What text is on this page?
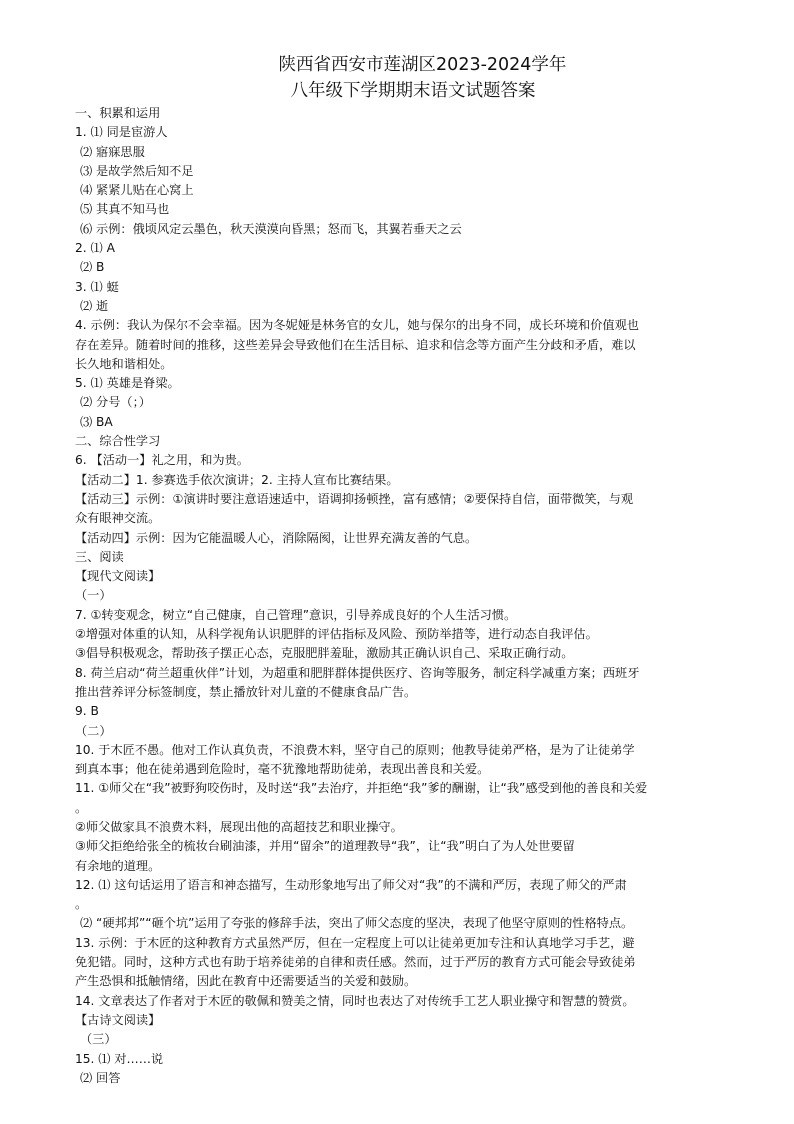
陕西省西安市莲湖区2023-2024学年
八年级下学期期末语文试题答案
一、积累和运用
1. ⑴ 同是宦游人
⑵ 寤寐思服
⑶ 是故学然后知不足
⑷ 紧紧儿贴在心窝上
⑸ 其真不知马也
⑹ 示例：俄顷风定云墨色，秋天漠漠向昏黑；怒而飞，其翼若垂天之云
2. ⑴ A
⑵ B
3. ⑴ 蜓
⑵ 逝
4. 示例：我认为保尔不会幸福。因为冬妮娅是林务官的女儿，她与保尔的出身不同，成长环境和价值观也
存在差异。随着时间的推移，这些差异会导致他们在生活目标、追求和信念等方面产生分歧和矛盾，难以
长久地和谐相处。
5. ⑴ 英雄是脊梁。
⑵ 分号（；）
⑶ BA
二、综合性学习
6. 【活动一】礼之用，和为贵。
【活动二】1. 参赛选手依次演讲；2. 主持人宣布比赛结果。
【活动三】示例：①演讲时要注意语速适中，语调抑扬顿挫，富有感情；②要保持自信，面带微笑，与观
众有眼神交流。
【活动四】示例：因为它能温暖人心，消除隔阂，让世界充满友善的气息。
三、阅读
【现代文阅读】
（一）
7. ①转变观念，树立“自己健康，自己管理”意识，引导养成良好的个人生活习惯。
②增强对体重的认知，从科学视角认识肥胖的评估指标及风险、预防举措等，进行动态自我评估。
③倡导积极观念，帮助孩子摆正心态，克服肥胖羞耻，激励其正确认识自己、采取正确行动。
8. 荷兰启动“荷兰超重伙伴”计划，为超重和肥胖群体提供医疗、咨询等服务，制定科学减重方案；西班牙
推出营养评分标签制度，禁止播放针对儿童的不健康食品广告。
9. B
（二）
10. 于木匠不愚。他对工作认真负责，不浪费木料，坚守自己的原则；他教导徒弟严格，是为了让徒弟学
到真本事；他在徒弟遇到危险时，毫不犹豫地帮助徒弟，表现出善良和关爱。
11. ①师父在“我”被野狗咬伤时，及时送“我”去治疗，并拒绝“我”爹的酬谢，让“我”感受到他的善良和关爱
。
②师父做家具不浪费木料，展现出他的高超技艺和职业操守。
③师父拒绝给张全的梳妆台刷油漆，并用“留余”的道理教导“我”，让“我”明白了为人处世要留
有余地的道理。
12. ⑴ 这句话运用了语言和神态描写，生动形象地写出了师父对“我”的不满和严厉，表现了师父的严肃
。
⑵ “硬邦邦”“砸个坑”运用了夸张的修辞手法，突出了师父态度的坚决，表现了他坚守原则的性格特点。
13. 示例：于木匠的这种教育方式虽然严厉，但在一定程度上可以让徒弟更加专注和认真地学习手艺，避
免犯错。同时，这种方式也有助于培养徒弟的自律和责任感。然而，过于严厉的教育方式可能会导致徒弟
产生恐惧和抵触情绪，因此在教育中还需要适当的关爱和鼓励。
14. 文章表达了作者对于木匠的敬佩和赞美之情，同时也表达了对传统手工艺人职业操守和智慧的赞赏。
【古诗文阅读】
（三）
15. ⑴ 对……说
⑵ 回答
